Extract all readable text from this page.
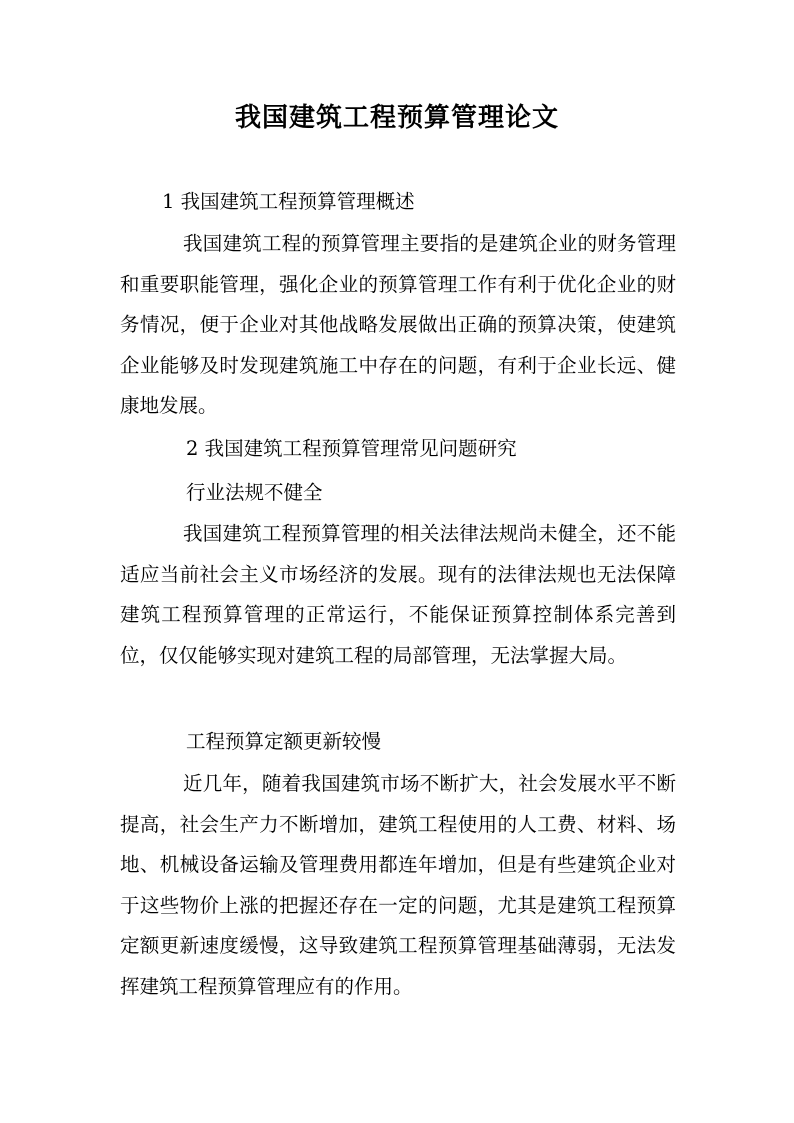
我国建筑工程预算管理论文
1 我国建筑工程预算管理概述

我国建筑工程的预算管理主要指的是建筑企业的财务管理和重要职能管理，强化企业的预算管理工作有利于优化企业的财务情况，便于企业对其他战略发展做出正确的预算决策，使建筑企业能够及时发现建筑施工中存在的问题，有利于企业长远、健康地发展。

2 我国建筑工程预算管理常见问题研究
行业法规不健全

我国建筑工程预算管理的相关法律法规尚未健全，还不能适应当前社会主义市场经济的发展。现有的法律法规也无法保障建筑工程预算管理的正常运行，不能保证预算控制体系完善到位，仅仅能够实现对建筑工程的局部管理，无法掌握大局。

工程预算定额更新较慢

近几年，随着我国建筑市场不断扩大，社会发展水平不断提高，社会生产力不断增加，建筑工程使用的人工费、材料、场地、机械设备运输及管理费用都连年增加，但是有些建筑企业对于这些物价上涨的把握还存在一定的问题，尤其是建筑工程预算定额更新速度缓慢，这导致建筑工程预算管理基础薄弱，无法发挥建筑工程预算管理应有的作用。
